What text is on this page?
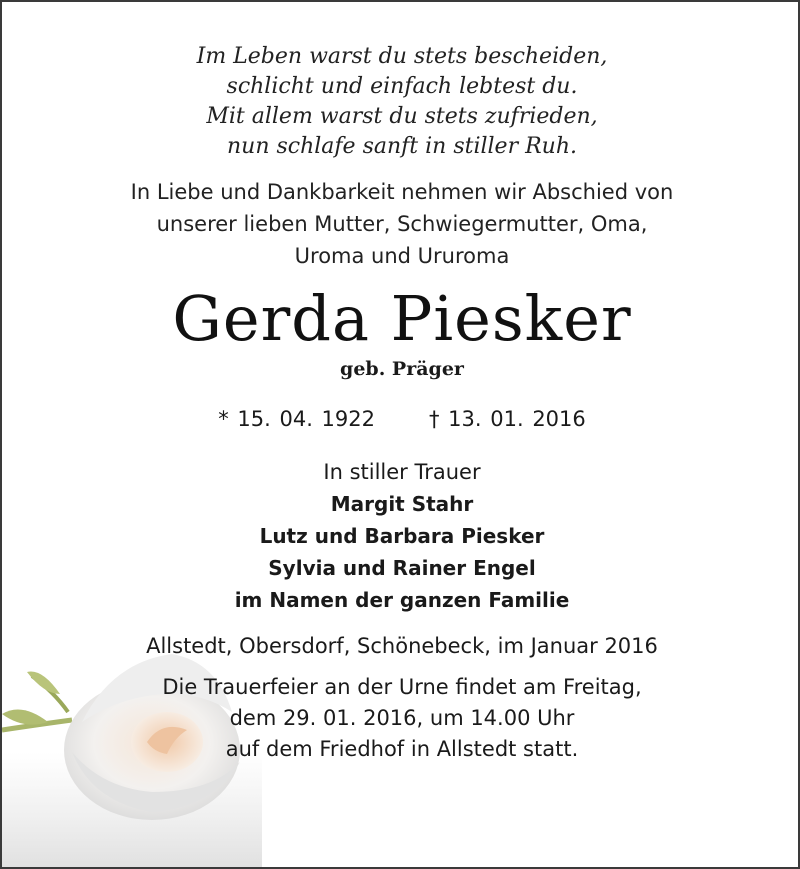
Im Leben warst du stets bescheiden,
schlicht und einfach lebtest du.
Mit allem warst du stets zufrieden,
nun schlafe sanft in stiller Ruh.
In Liebe und Dankbarkeit nehmen wir Abschied von
unserer lieben Mutter, Schwiegermutter, Oma,
Uroma und Ururoma
Gerda Piesker
geb. Präger
* 15. 04. 1922	† 13. 01. 2016
In stiller Trauer
Margit Stahr
Lutz und Barbara Piesker
Sylvia und Rainer Engel
im Namen der ganzen Familie
Allstedt, Obersdorf, Schönebeck, im Januar 2016
Die Trauerfeier an der Urne findet am Freitag,
dem 29. 01. 2016, um 14.00 Uhr
auf dem Friedhof in Allstedt statt.
